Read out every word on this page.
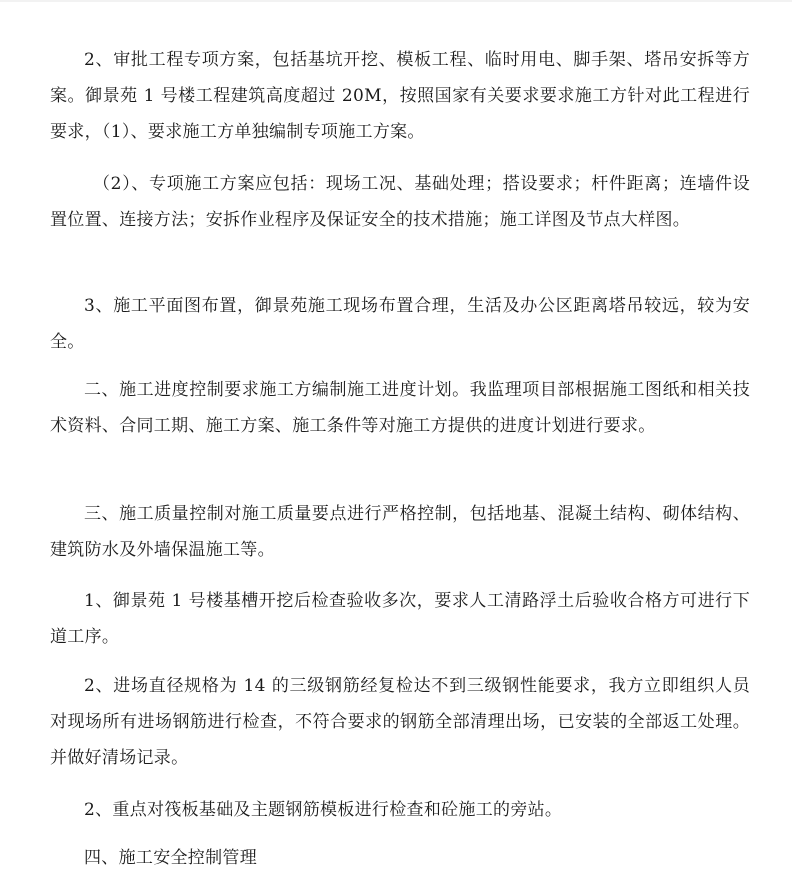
2、审批工程专项方案，包括基坑开挖、模板工程、临时用电、脚手架、塔吊安拆等方案。御景苑 1 号楼工程建筑高度超过 20M，按照国家有关要求要求施工方针对此工程进行要求，（1）、要求施工方单独编制专项施工方案。

（2）、专项施工方案应包括：现场工况、基础处理；搭设要求；杆件距离；连墙件设置位置、连接方法；安拆作业程序及保证安全的技术措施；施工详图及节点大样图。

3、施工平面图布置，御景苑施工现场布置合理，生活及办公区距离塔吊较远，较为安全。

二、施工进度控制要求施工方编制施工进度计划。我监理项目部根据施工图纸和相关技术资料、合同工期、施工方案、施工条件等对施工方提供的进度计划进行要求。

三、施工质量控制对施工质量要点进行严格控制，包括地基、混凝土结构、砌体结构、建筑防水及外墙保温施工等。

1、御景苑 1 号楼基槽开挖后检查验收多次，要求人工清路浮土后验收合格方可进行下道工序。

2、进场直径规格为 14 的三级钢筋经复检达不到三级钢性能要求，我方立即组织人员对现场所有进场钢筋进行检查，不符合要求的钢筋全部清理出场，已安装的全部返工处理。并做好清场记录。

2、重点对筏板基础及主题钢筋模板进行检查和砼施工的旁站。

四、施工安全控制管理
